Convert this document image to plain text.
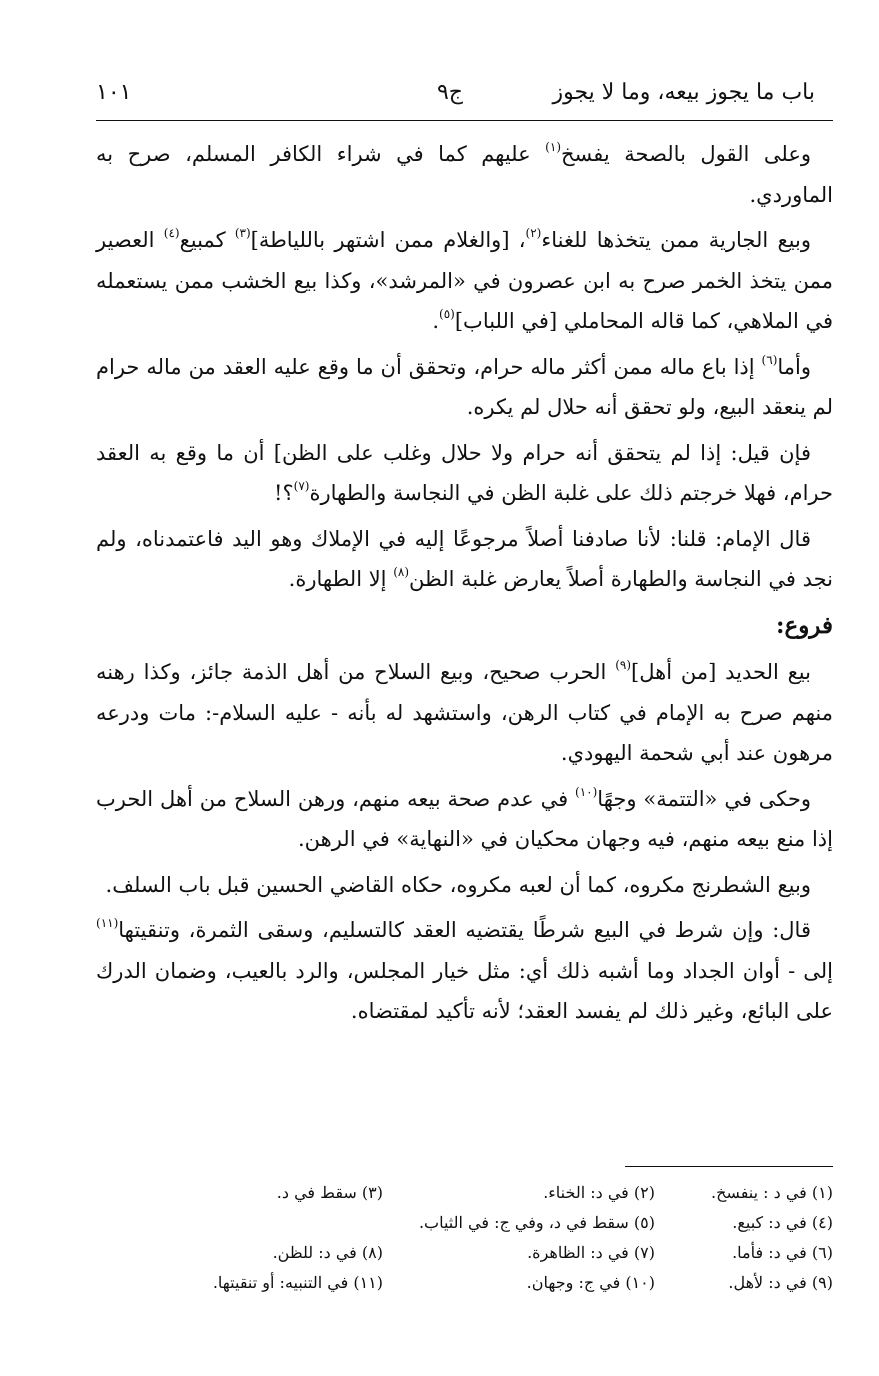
باب ما يجوز بيعه، وما لا يجوز
ج٩
١٠١

وعلى القول بالصحة يفسخ$^{(١)}$ عليهم كما في شراء الكافر المسلم، صرح به الماوردي.

وبيع الجارية ممن يتخذها للغناء$^{(٢)}$، [والغلام ممن اشتهر باللياطة]$^{(٣)}$ كمبيع$^{(٤)}$ العصير ممن يتخذ الخمر صرح به ابن عصرون في «المرشد»، وكذا بيع الخشب ممن يستعمله في الملاهي، كما قاله المحاملي [في اللباب]$^{(٥)}$.

وأما$^{(٦)}$ إذا باع ماله ممن أكثر ماله حرام، وتحقق أن ما وقع عليه العقد من ماله حرام لم ينعقد البيع، ولو تحقق أنه حلال لم يكره.

فإن قيل: إذا لم يتحقق أنه حرام ولا حلال وغلب على الظن] أن ما وقع به العقد حرام، فهلا خرجتم ذلك على غلبة الظن في النجاسة والطهارة$^{(٧)}$؟!

قال الإمام: قلنا: لأنا صادفنا أصلاً مرجوعًا إليه في الإملاك وهو اليد فاعتمدناه، ولم نجد في النجاسة والطهارة أصلاً يعارض غلبة الظن$^{(٨)}$ إلا الطهارة.

فروع:

بيع الحديد [من أهل]$^{(٩)}$ الحرب صحيح، وبيع السلاح من أهل الذمة جائز، وكذا رهنه منهم صرح به الإمام في كتاب الرهن، واستشهد له بأنه - عليه السلام-: مات ودرعه مرهون عند أبي شحمة اليهودي.

وحكى في «التتمة» وجهًا$^{(١٠)}$ في عدم صحة بيعه منهم، ورهن السلاح من أهل الحرب إذا منع بيعه منهم، فيه وجهان محكيان في «النهاية» في الرهن.

وبيع الشطرنج مكروه، كما أن لعبه مكروه، حكاه القاضي الحسين قبل باب السلف.

قال: وإن شرط في البيع شرطًا يقتضيه العقد كالتسليم، وسقى الثمرة، وتنقيتها$^{(١١)}$ إلى - أوان الجداد وما أشبه ذلك أي: مثل خيار المجلس، والرد بالعيب، وضمان الدرك على البائع، وغير ذلك لم يفسد العقد؛ لأنه تأكيد لمقتضاه.

(١) في د : ينفسخ.
(٢) في د: الخناء.
(٣) سقط في د.
(٤) في د: كبيع.
(٥) سقط في د، وفي ج: في الثياب.
(٦) في د: فأما.
(٧) في د: الظاهرة.
(٨) في د: للظن.
(٩) في د: لأهل.
(١٠) في ج: وجهان.
(١١) في التنبيه: أو تنقيتها.
